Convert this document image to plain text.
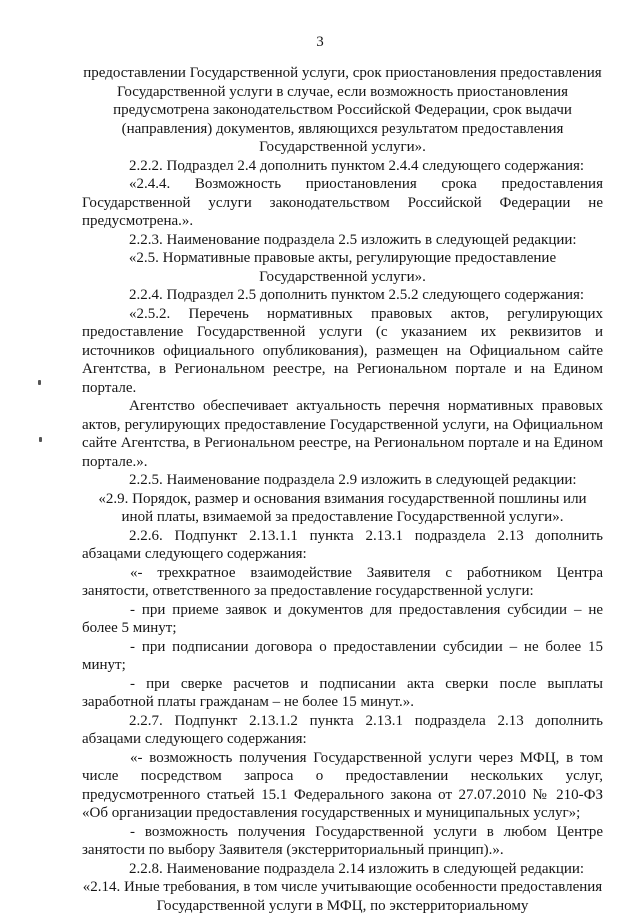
3

предоставлении Государственной услуги, срок приостановления предоставления Государственной услуги в случае, если возможность приостановления предусмотрена законодательством Российской Федерации, срок выдачи (направления) документов, являющихся результатом предоставления Государственной услуги».

2.2.2. Подраздел 2.4 дополнить пунктом 2.4.4 следующего содержания:

«2.4.4. Возможность приостановления срока предоставления Государственной услуги законодательством Российской Федерации не предусмотрена.».

2.2.3. Наименование подраздела 2.5 изложить в следующей редакции:

«2.5. Нормативные правовые акты, регулирующие предоставление Государственной услуги».

2.2.4. Подраздел 2.5 дополнить пунктом 2.5.2 следующего содержания:

«2.5.2. Перечень нормативных правовых актов, регулирующих предоставление Государственной услуги (с указанием их реквизитов и источников официального опубликования), размещен на Официальном сайте Агентства, в Региональном реестре, на Региональном портале и на Едином портале.

Агентство обеспечивает актуальность перечня нормативных правовых актов, регулирующих предоставление Государственной услуги, на Официальном сайте Агентства, в Региональном реестре, на Региональном портале и на Едином портале.».

2.2.5. Наименование подраздела 2.9 изложить в следующей редакции:

«2.9. Порядок, размер и основания взимания государственной пошлины или иной платы, взимаемой за предоставление Государственной услуги».

2.2.6. Подпункт 2.13.1.1 пункта 2.13.1 подраздела 2.13 дополнить абзацами следующего содержания:

«- трехкратное взаимодействие Заявителя с работником Центра занятости, ответственного за предоставление государственной услуги:

- при приеме заявок и документов для предоставления субсидии – не более 5 минут;

- при подписании договора о предоставлении субсидии – не более 15 минут;

- при сверке расчетов и подписании акта сверки после выплаты заработной платы гражданам – не более 15 минут.».

2.2.7. Подпункт 2.13.1.2 пункта 2.13.1 подраздела 2.13 дополнить абзацами следующего содержания:

«- возможность получения Государственной услуги через МФЦ, в том числе посредством запроса о предоставлении нескольких услуг, предусмотренного статьей 15.1 Федерального закона от 27.07.2010 № 210-ФЗ «Об организации предоставления государственных и муниципальных услуг»;

- возможность получения Государственной услуги в любом Центре занятости по выбору Заявителя (экстерриториальный принцип).».

2.2.8. Наименование подраздела 2.14 изложить в следующей редакции:

«2.14. Иные требования, в том числе учитывающие особенности предоставления Государственной услуги в МФЦ, по экстерриториальному
